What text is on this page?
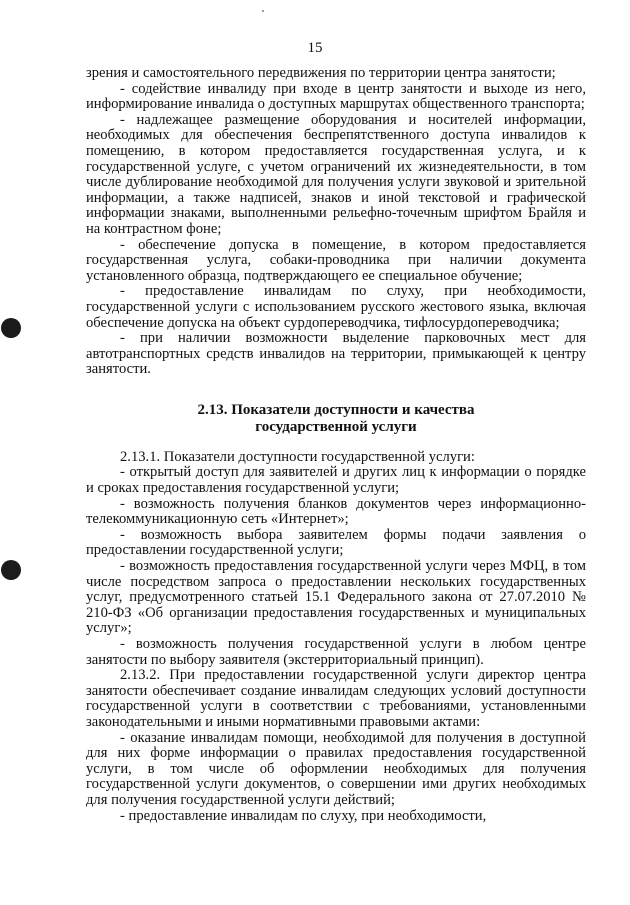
15

зрения и самостоятельного передвижения по территории центра занятости;

- содействие инвалиду при входе в центр занятости и выходе из него, информирование инвалида о доступных маршрутах общественного транспорта;

- надлежащее размещение оборудования и носителей информации, необходимых для обеспечения беспрепятственного доступа инвалидов к помещению, в котором предоставляется государственная услуга, и к государственной услуге, с учетом ограничений их жизнедеятельности, в том числе дублирование необходимой для получения услуги звуковой и зрительной информации, а также надписей, знаков и иной текстовой и графической информации знаками, выполненными рельефно-точечным шрифтом Брайля и на контрастном фоне;

- обеспечение допуска в помещение, в котором предоставляется государственная услуга, собаки-проводника при наличии документа установленного образца, подтверждающего ее специальное обучение;

- предоставление инвалидам по слуху, при необходимости, государственной услуги с использованием русского жестового языка, включая обеспечение допуска на объект сурдопереводчика, тифлосурдопереводчика;

- при наличии возможности выделение парковочных мест для автотранспортных средств инвалидов на территории, примыкающей к центру занятости.

2.13. Показатели доступности и качества
государственной услуги

2.13.1. Показатели доступности государственной услуги:

- открытый доступ для заявителей и других лиц к информации о порядке и сроках предоставления государственной услуги;

- возможность получения бланков документов через информационно-телекоммуникационную сеть «Интернет»;

- возможность выбора заявителем формы подачи заявления о предоставлении государственной услуги;

- возможность предоставления государственной услуги через МФЦ, в том числе посредством запроса о предоставлении нескольких государственных услуг, предусмотренного статьей 15.1 Федерального закона от 27.07.2010 № 210-ФЗ «Об организации предоставления государственных и муниципальных услуг»;

- возможность получения государственной услуги в любом центре занятости по выбору заявителя (экстерриториальный принцип).

2.13.2. При предоставлении государственной услуги директор центра занятости обеспечивает создание инвалидам следующих условий доступности государственной услуги в соответствии с требованиями, установленными законодательными и иными нормативными правовыми актами:

- оказание инвалидам помощи, необходимой для получения в доступной для них форме информации о правилах предоставления государственной услуги, в том числе об оформлении необходимых для получения государственной услуги документов, о совершении ими других необходимых для получения государственной услуги действий;

- предоставление инвалидам по слуху, при необходимости,
